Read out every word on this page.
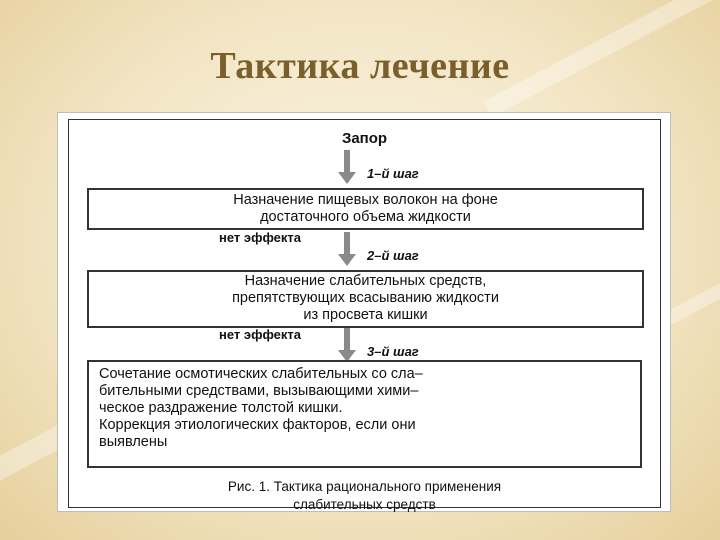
Тактика лечение
Запор
1–й шаг
Назначение пищевых волокон на фоне
достаточного объема жидкости
нет эффекта
2–й шаг
Назначение слабительных средств,
препятствующих всасыванию жидкости
из просвета кишки
нет эффекта
3–й шаг
Сочетание осмотических слабительных со сла–
бительными средствами, вызывающими хими–
ческое раздражение толстой кишки.
Коррекция этиологических факторов, если они
выявлены
Рис. 1. Тактика рационального применения
слабительных средств
